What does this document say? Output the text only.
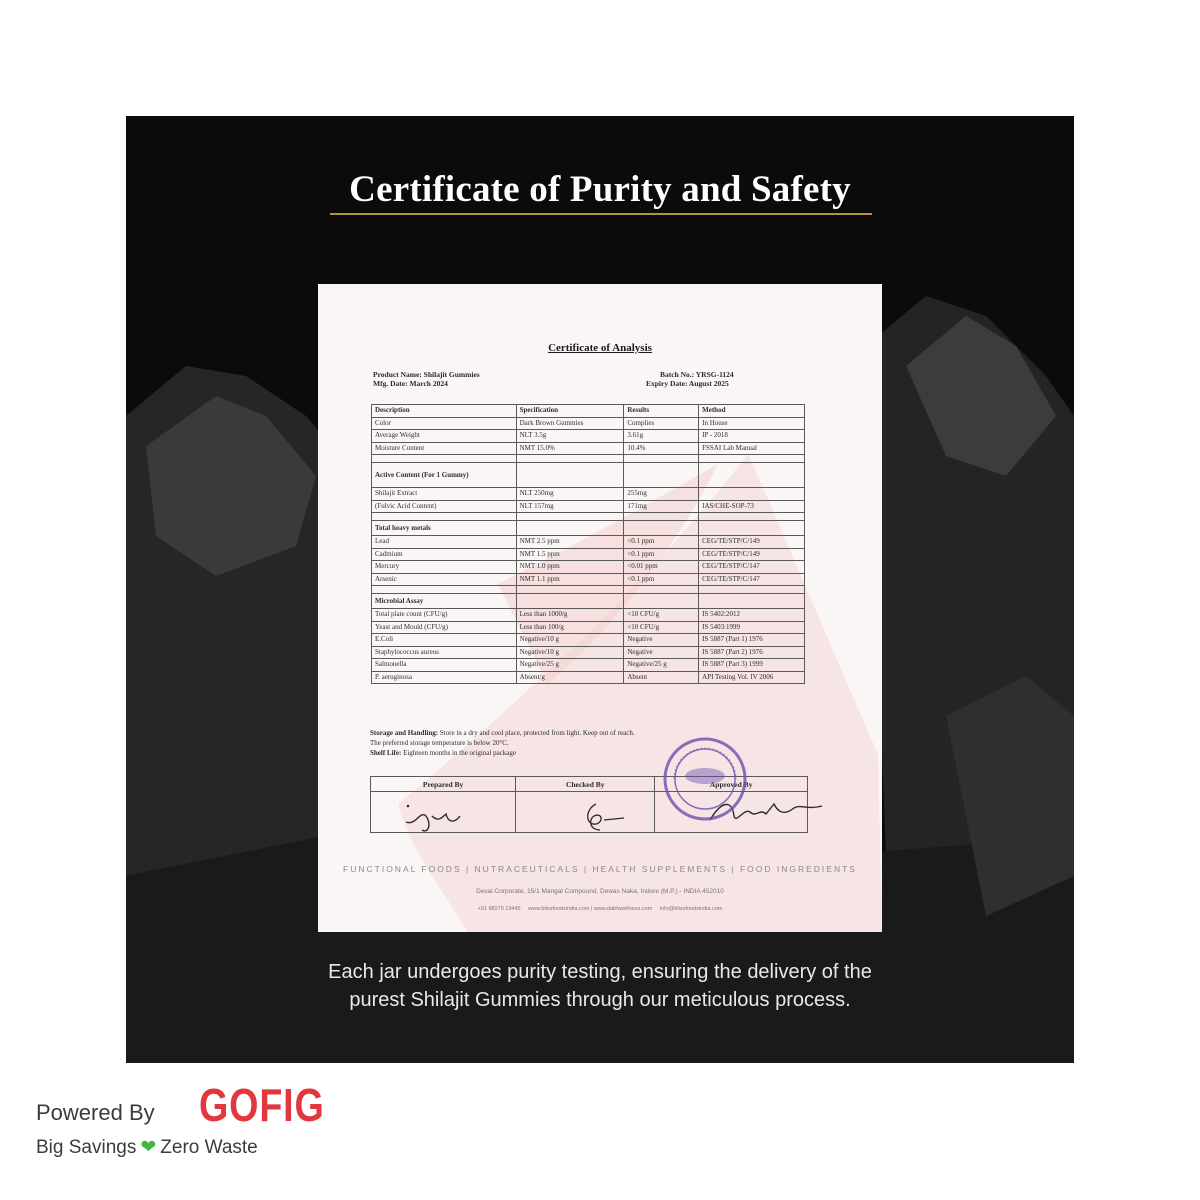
Certificate of Purity and Safety
Certificate of Analysis
Product Name: Shilajit Gummies
Mfg. Date: March 2024
Batch No.: YRSG-1124
Expiry Date: August 2025
Description	Specification	Results	Method
Color	Dark Brown Gummies	Complies	In House
Average Weight	NLT 3.5g	3.61g	IP - 2018
Moisture Content	NMT 15.0%	10.4%	FSSAI Lab Manual

Active Content (For 1 Gummy)			
Shilajit Extract	NLT 250mg	255mg	
(Fulvic Acid Content)	NLT 157mg	171mg	IAS/CHE-SOP-73

Total heavy metals			
Lead	NMT 2.5 ppm	<0.1 ppm	CEG/TE/STP/C/149
Cadmium	NMT 1.5 ppm	<0.1 ppm	CEG/TE/STP/C/149
Mercury	NMT 1.0 ppm	<0.01 ppm	CEG/TE/STP/C/147
Arsenic	NMT 1.1 ppm	<0.1 ppm	CEG/TE/STP/C/147

Microbial Assay			
Total plate count (CFU/g)	Less than 1000/g	<10 CFU/g	IS 5402:2012
Yeast and Mould (CFU/g)	Less than 100/g	<10 CFU/g	IS 5403:1999
E.Coli	Negative/10 g	Negative	IS 5887 (Part 1) 1976
Staphylococcus aureus	Negative/10 g	Negative	IS 5887 (Part 2) 1976
Salmonella	Negative/25 g	Negative/25 g	IS 5887 (Part 3) 1999
P. aeruginosa	Absent/g	Absent	API Testing Vol. IV 2006
Storage and Handling: Store in a dry and cool place, protected from light. Keep out of reach.
The preferred storage temperature is below 20°C.
Shelf Life: Eighteen months in the original package
Prepared By	Checked By	Approved By

FUNCTIONAL FOODS | NUTRACEUTICALS | HEALTH SUPPLEMENTS | FOOD INGREDIENTS
Desai Corporate, 15/1 Mangal Compound, Dewas Naka, Indore (M.P.) - INDIA 452010
+91 98270 19445 www.blissfoodsindia.com | www.dabhwellness.com info@blissfoodsindia.com
Each jar undergoes purity testing, ensuring the delivery of the
purest Shilajit Gummies through our meticulous process.
Powered By GOFIG
Big Savings ❤ Zero Waste
